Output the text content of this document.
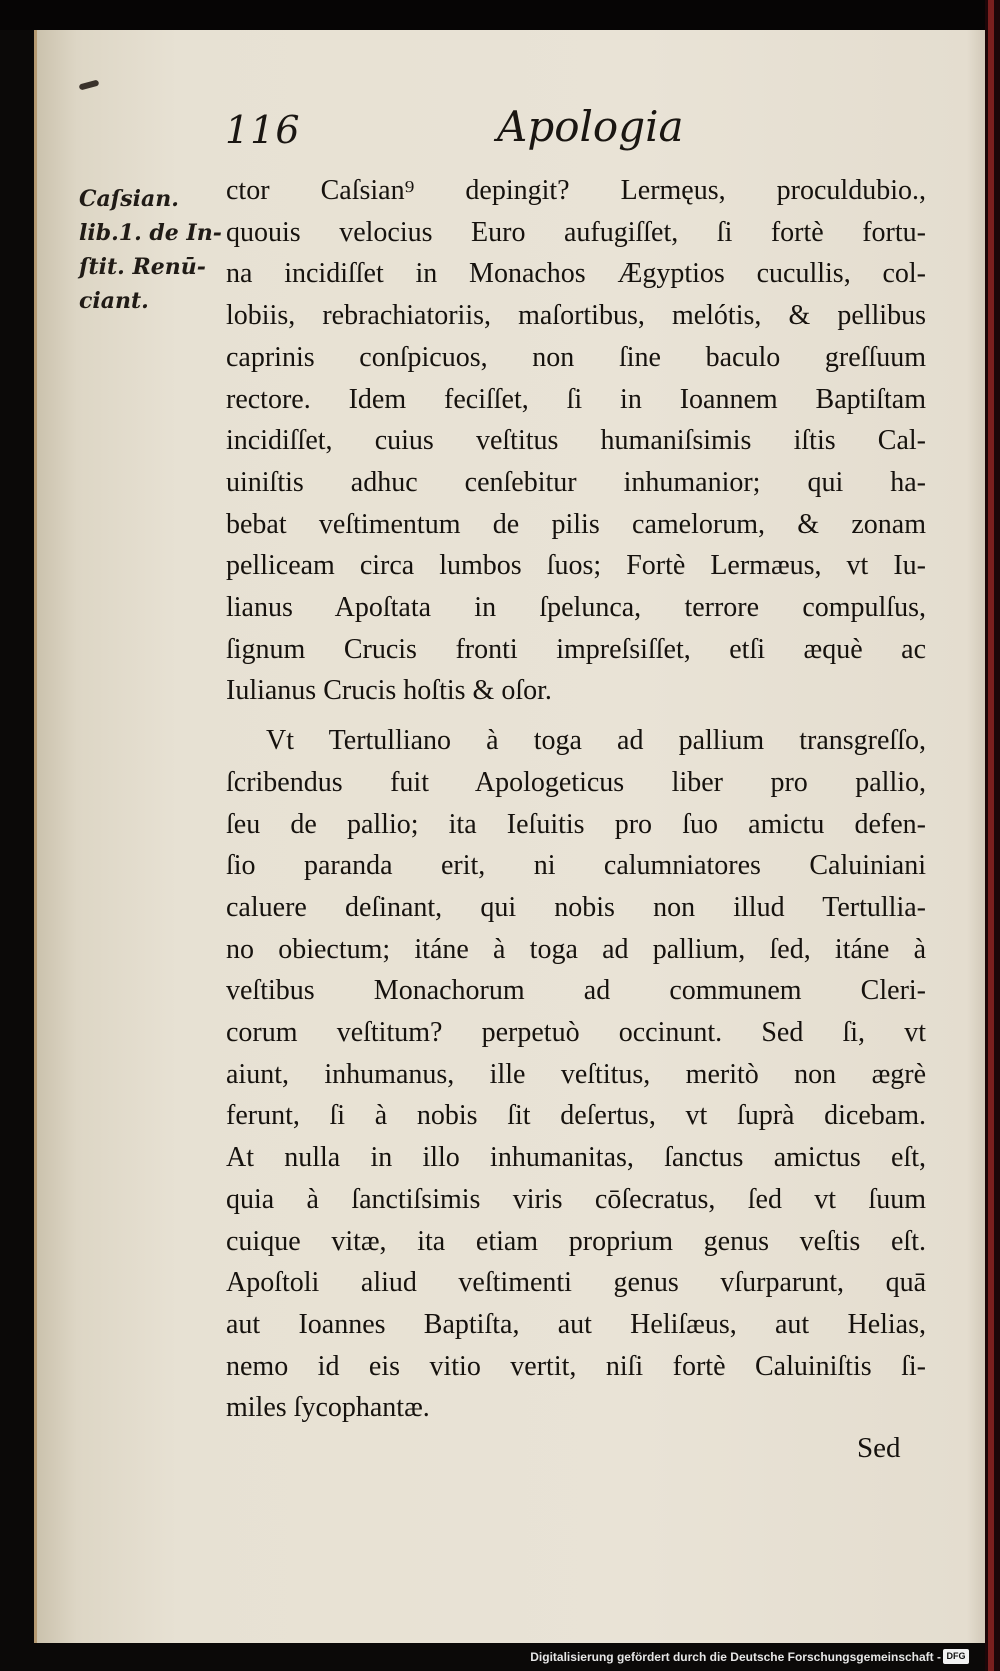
116	Apologia
Caſsian.
lib.1. de In-
ſtit. Renū-
ciant.
ctor Caſsian⁹ depingit? Lermęus, proculdubio.,
quouis velocius Euro aufugiſſet, ſi fortè fortu-
na incidiſſet in Monachos Ægyptios cucullis, col-
lobiis, rebrachiatoriis, maſortibus, melótis, & pellibus
caprinis conſpicuos, non ſine baculo greſſuum
rectore. Idem feciſſet, ſi in Ioannem Baptiſtam
incidiſſet, cuius veſtitus humaniſsimis iſtis Cal-
uiniſtis adhuc cenſebitur inhumanior; qui ha-
bebat veſtimentum de pilis camelorum, & zonam
pelliceam circa lumbos ſuos; Fortè Lermæus, vt Iu-
lianus Apoſtata in ſpelunca, terrore compulſus,
ſignum Crucis fronti impreſsiſſet, etſi æquè ac
Iulianus Crucis hoſtis & oſor.
Vt Tertulliano à toga ad pallium transgreſſo,
ſcribendus fuit Apologeticus liber pro pallio,
ſeu de pallio; ita Ieſuitis pro ſuo amictu defen-
ſio paranda erit, ni calumniatores Caluiniani
caluere deſinant, qui nobis non illud Tertullia-
no obiectum; itáne à toga ad pallium, ſed, itáne à
veſtibus Monachorum ad communem Cleri-
corum veſtitum? perpetuò occinunt. Sed ſi, vt
aiunt, inhumanus, ille veſtitus, meritò non ægrè
ferunt, ſi à nobis ſit deſertus, vt ſuprà dicebam.
At nulla in illo inhumanitas, ſanctus amictus eſt,
quia à ſanctiſsimis viris cōſecratus, ſed vt ſuum
cuique vitæ, ita etiam proprium genus veſtis eſt.
Apoſtoli aliud veſtimenti genus vſurparunt, quā
aut Ioannes Baptiſta, aut Heliſæus, aut Helias,
nemo id eis vitio vertit, niſi fortè Caluiniſtis ſi-
miles ſycophantæ.
Sed
Digitalisierung gefördert durch die Deutsche Forschungsgemeinschaft - DFG
